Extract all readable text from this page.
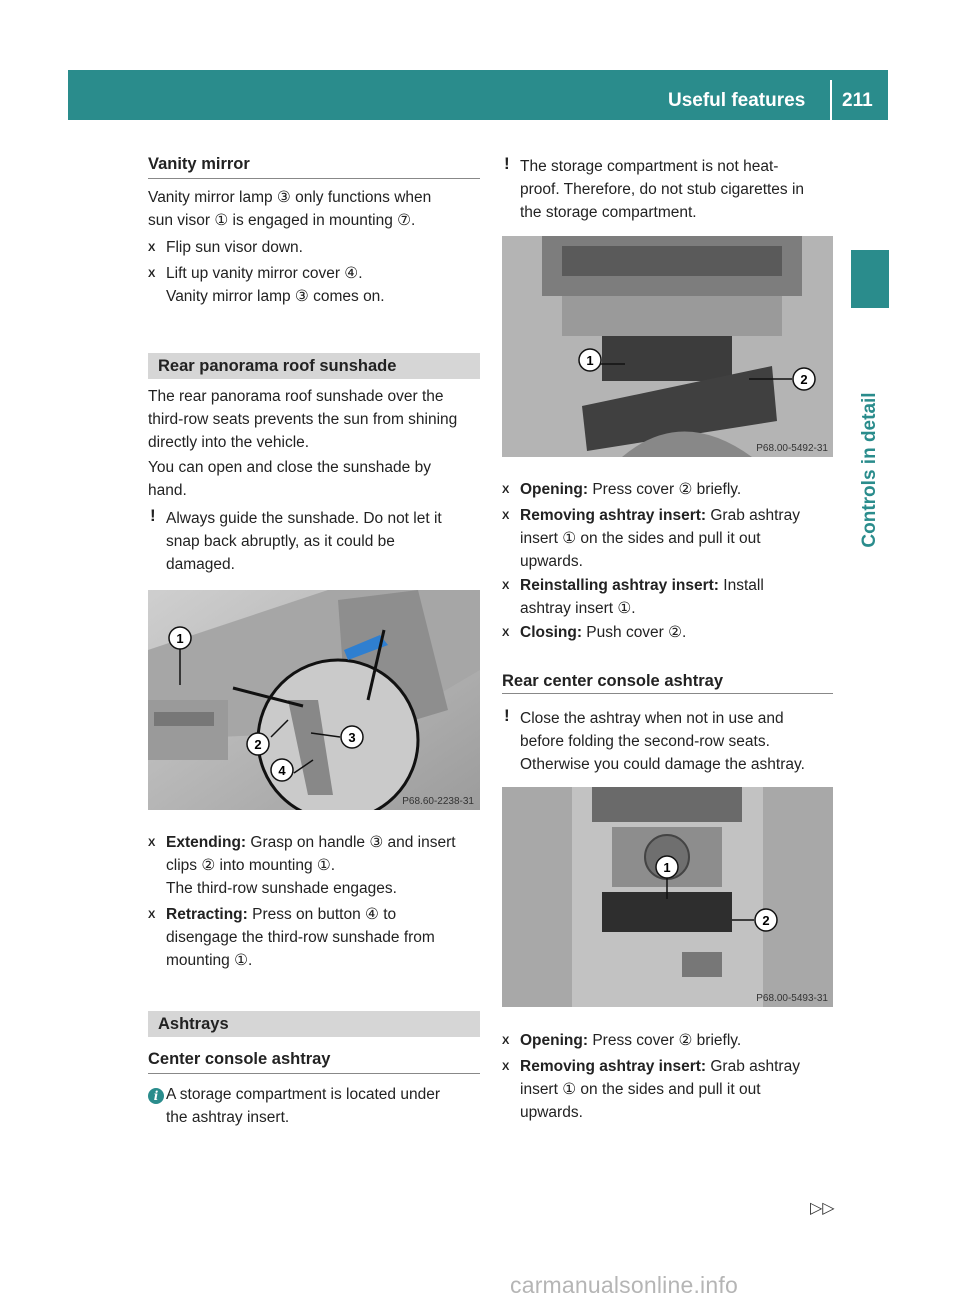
Useful features 211
Controls in detail
Vanity mirror
Vanity mirror lamp ③ only functions when
sun visor ① is engaged in mounting ⑦.
X Flip sun visor down.
X Lift up vanity mirror cover ④.
Vanity mirror lamp ③ comes on.
Rear panorama roof sunshade
The rear panorama roof sunshade over the
third-row seats prevents the sun from shining
directly into the vehicle.
You can open and close the sunshade by
hand.
! Always guide the sunshade. Do not let it
snap back abruptly, as it could be
damaged.
1
2	3
4
P68.60-2238-31
X Extending: Grasp on handle ③ and insert
clips ② into mounting ①.
The third-row sunshade engages.
X Retracting: Press on button ④ to
disengage the third-row sunshade from
mounting ①.
Ashtrays
Center console ashtray
i A storage compartment is located under
the ashtray insert.
! The storage compartment is not heat-
proof. Therefore, do not stub cigarettes in
the storage compartment.
1
2
P68.00-5492-31
X Opening: Press cover ② briefly.
X Removing ashtray insert: Grab ashtray
insert ① on the sides and pull it out
upwards.
X Reinstalling ashtray insert: Install
ashtray insert ①.
X Closing: Push cover ②.
Rear center console ashtray
! Close the ashtray when not in use and
before folding the second-row seats.
Otherwise you could damage the ashtray.
1
2
P68.00-5493-31
X Opening: Press cover ② briefly.
X Removing ashtray insert: Grab ashtray
insert ① on the sides and pull it out
upwards.
▷▷
carmanualsonline.info
